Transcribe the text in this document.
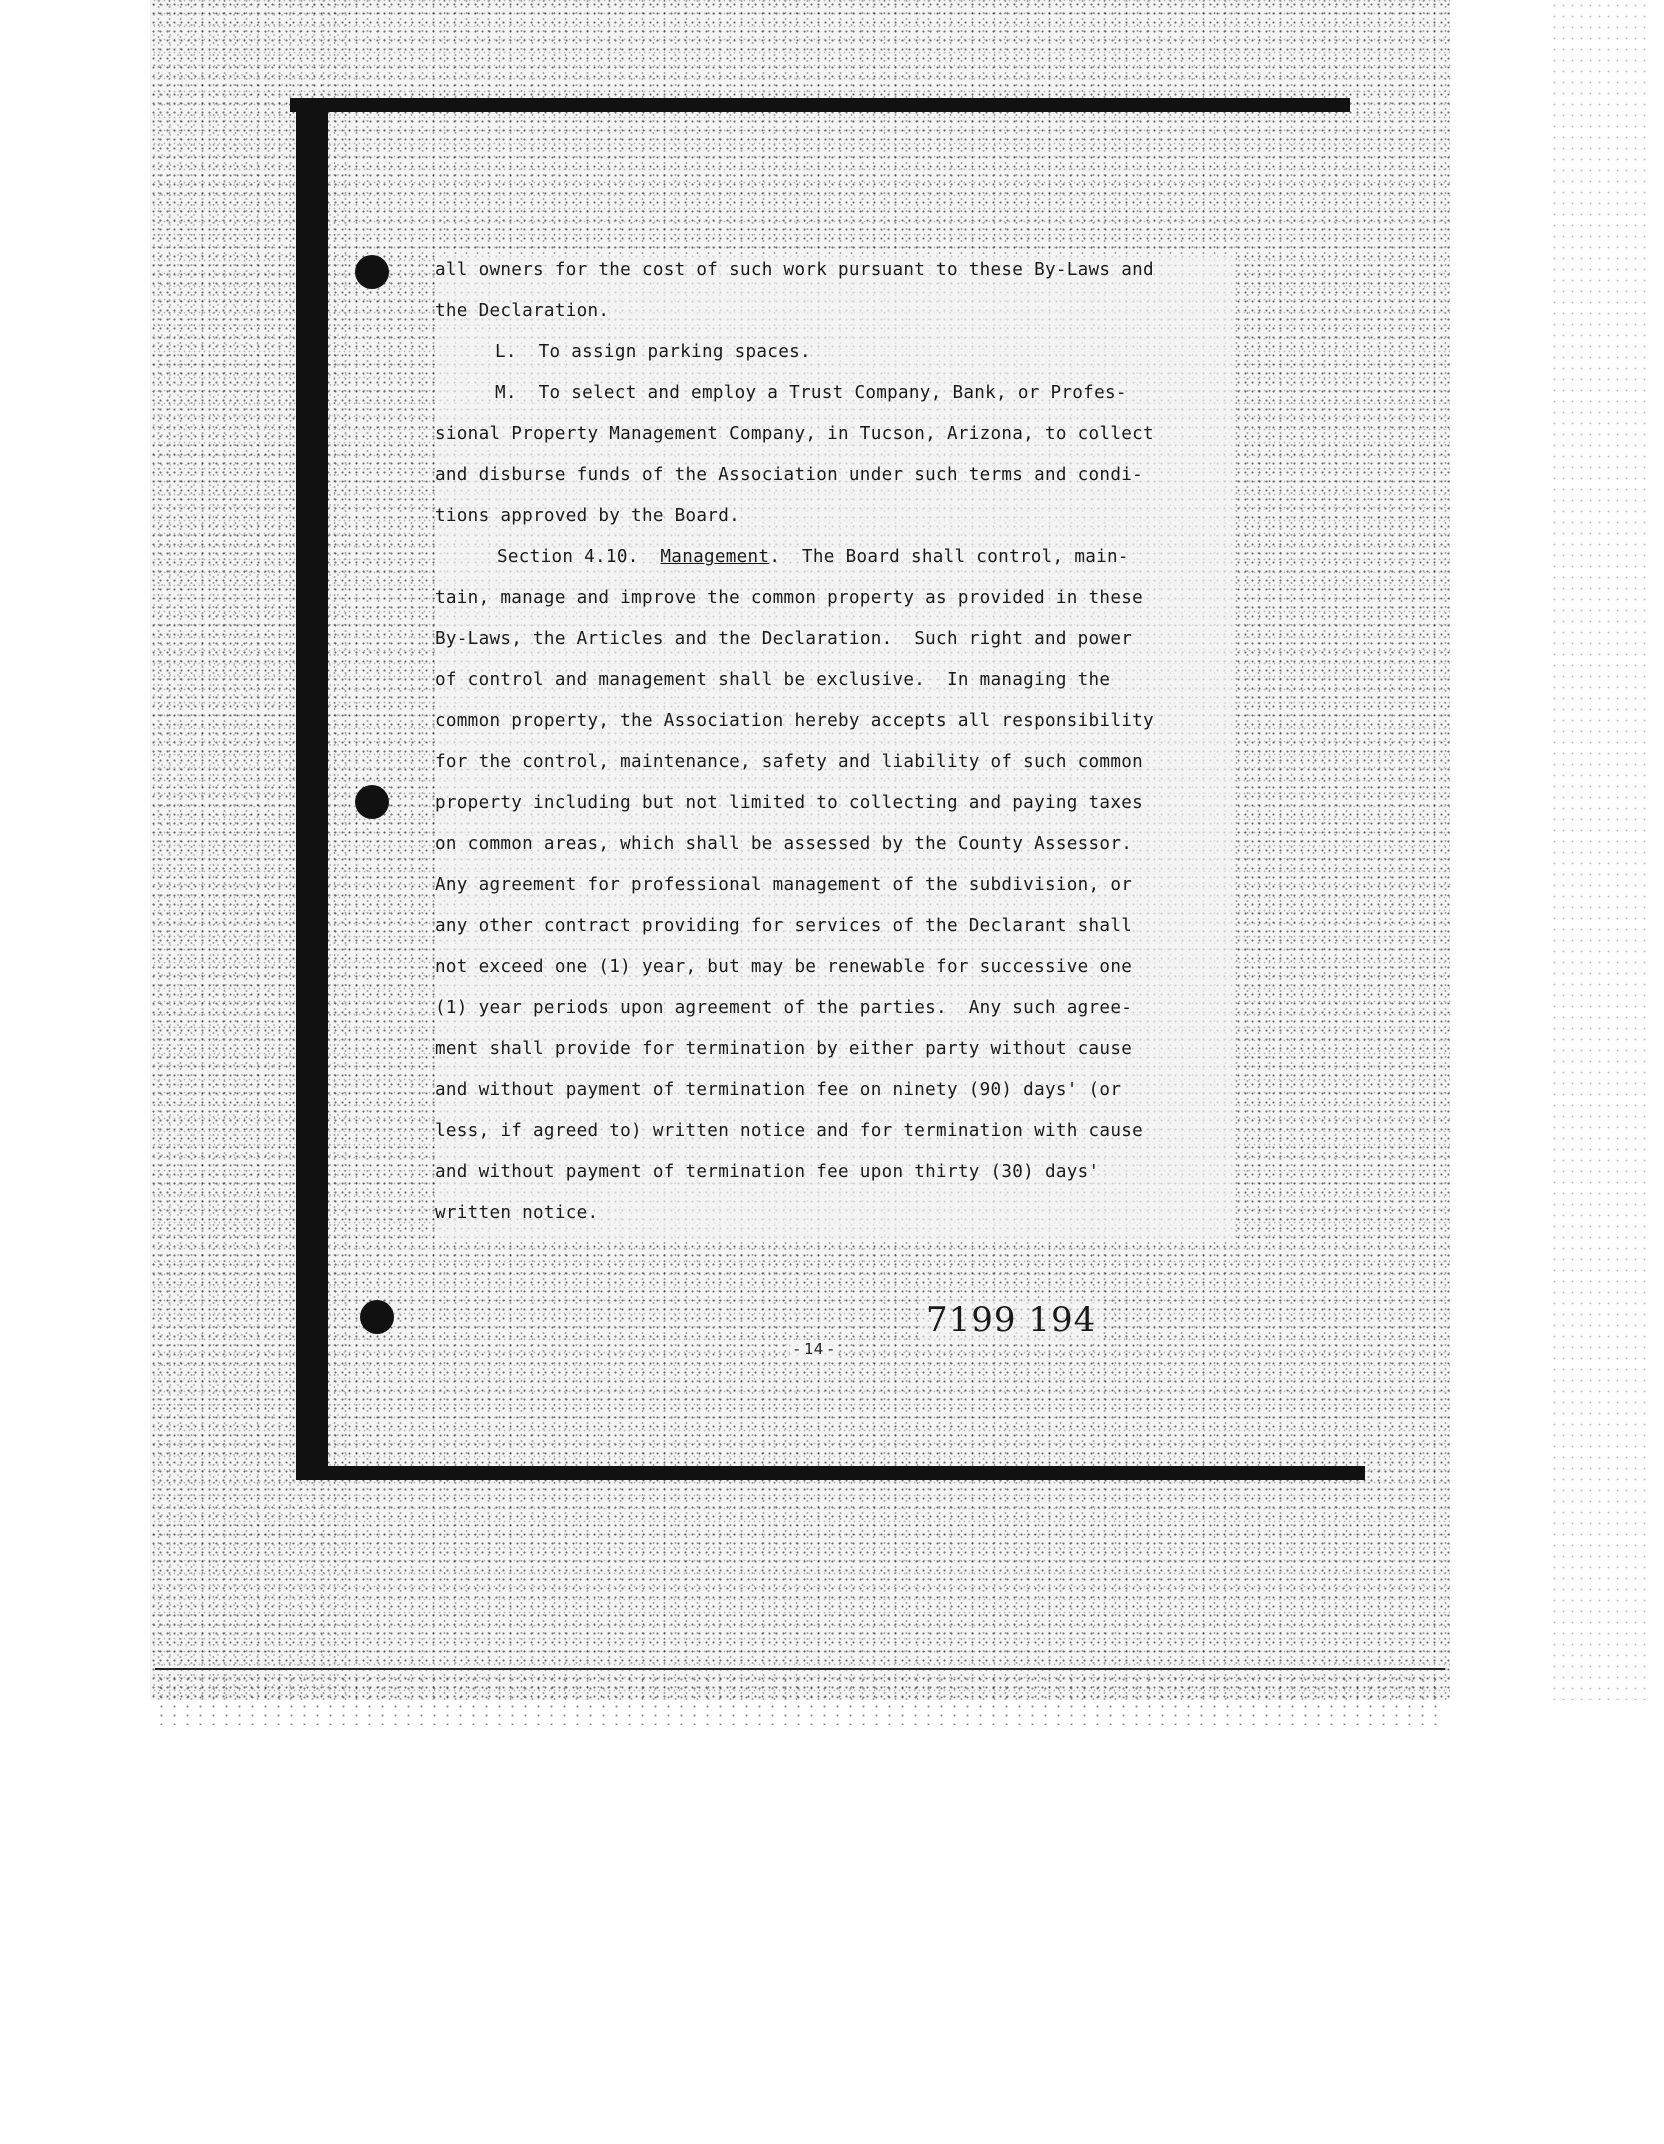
all owners for the cost of such work pursuant to these By-Laws and
the Declaration.
L.  To assign parking spaces.
M.  To select and employ a Trust Company, Bank, or Profes-
sional Property Management Company, in Tucson, Arizona, to collect
and disburse funds of the Association under such terms and condi-
tions approved by the Board.
Section 4.10. Management.  The Board shall control, main-
tain, manage and improve the common property as provided in these
By-Laws, the Articles and the Declaration.  Such right and power
of control and management shall be exclusive.  In managing the
common property, the Association hereby accepts all responsibility
for the control, maintenance, safety and liability of such common
property including but not limited to collecting and paying taxes
on common areas, which shall be assessed by the County Assessor.
Any agreement for professional management of the subdivision, or
any other contract providing for services of the Declarant shall
not exceed one (1) year, but may be renewable for successive one
(1) year periods upon agreement of the parties.  Any such agree-
ment shall provide for termination by either party without cause
and without payment of termination fee on ninety (90) days' (or
less, if agreed to) written notice and for termination with cause
and without payment of termination fee upon thirty (30) days'
written notice.
7199 194
- 14 -
